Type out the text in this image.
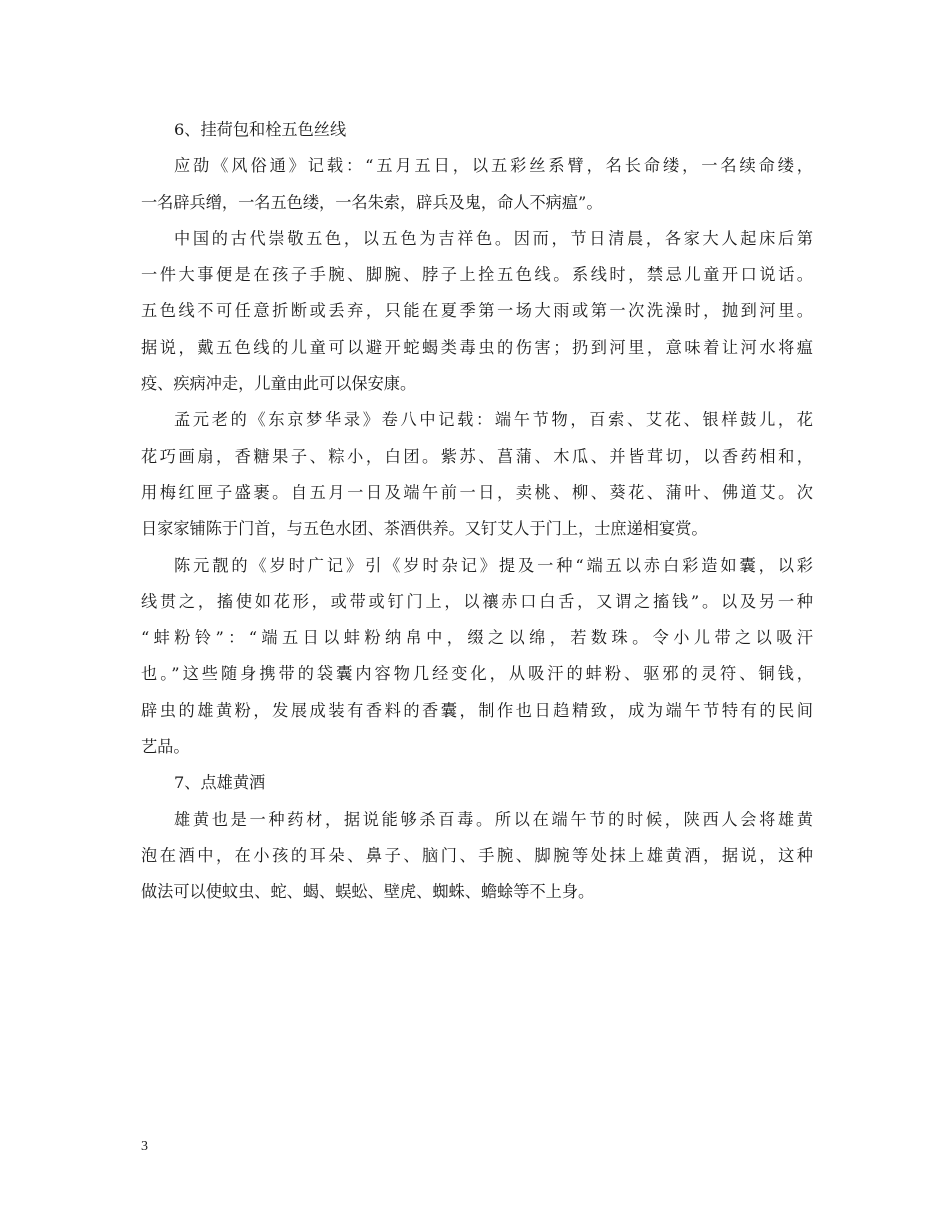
6、挂荷包和栓五色丝线
应劭《风俗通》记载：“五月五日，以五彩丝系臂，名长命缕，一名续命缕，
一名辟兵缯，一名五色缕，一名朱索，辟兵及鬼，命人不病瘟”。
中国的古代崇敬五色，以五色为吉祥色。因而，节日清晨，各家大人起床后第
一件大事便是在孩子手腕、脚腕、脖子上拴五色线。系线时，禁忌儿童开口说话。
五色线不可任意折断或丢弃，只能在夏季第一场大雨或第一次洗澡时，抛到河里。
据说，戴五色线的儿童可以避开蛇蝎类毒虫的伤害；扔到河里，意味着让河水将瘟
疫、疾病冲走，儿童由此可以保安康。
孟元老的《东京梦华录》卷八中记载：端午节物，百索、艾花、银样鼓儿，花
花巧画扇，香糖果子、粽小，白团。紫苏、菖蒲、木瓜、并皆茸切，以香药相和，
用梅红匣子盛裹。自五月一日及端午前一日，卖桃、柳、葵花、蒲叶、佛道艾。次
日家家铺陈于门首，与五色水团、茶酒供养。又钉艾人于门上，士庶递相宴赏。
陈元靓的《岁时广记》引《岁时杂记》提及一种“端五以赤白彩造如囊，以彩
线贯之，搐使如花形，或带或钉门上，以禳赤口白舌，又谓之搐钱”。以及另一种
“蚌粉铃”：“端五日以蚌粉纳帛中，缀之以绵，若数珠。令小儿带之以吸汗
也。”这些随身携带的袋囊内容物几经变化，从吸汗的蚌粉、驱邪的灵符、铜钱，
辟虫的雄黄粉，发展成装有香料的香囊，制作也日趋精致，成为端午节特有的民间
艺品。
7、点雄黄酒
雄黄也是一种药材，据说能够杀百毒。所以在端午节的时候，陕西人会将雄黄
泡在酒中，在小孩的耳朵、鼻子、脑门、手腕、脚腕等处抹上雄黄酒，据说，这种
做法可以使蚊虫、蛇、蝎、蜈蚣、壁虎、蜘蛛、蟾蜍等不上身。
3
